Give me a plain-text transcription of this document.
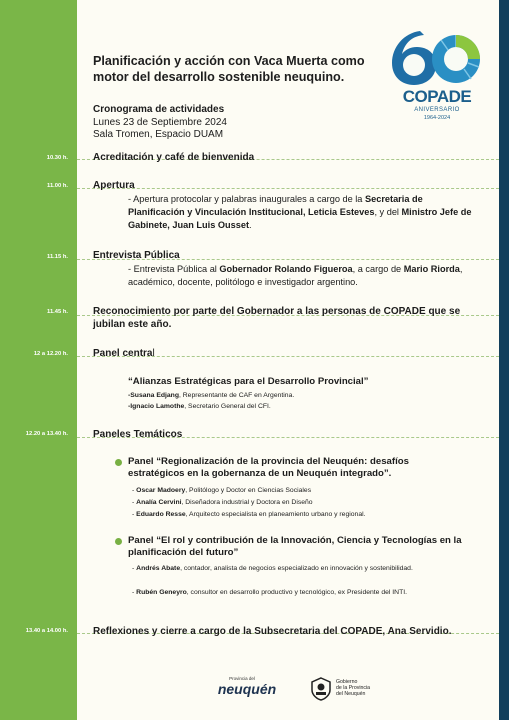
Planificación y acción con Vaca Muerta como motor del desarrollo sostenible neuquino.
COPADE
ANIVERSARIO
1964-2024
Cronograma de actividades
Lunes 23 de Septiembre 2024
Sala Tromen, Espacio DUAM
10.30 h.	Acreditación y café de bienvenida
11.00 h.	Apertura
- Apertura protocolar y palabras inaugurales a cargo de la Secretaria de Planificación y Vinculación Institucional, Leticia Esteves, y del Ministro Jefe de Gabinete, Juan Luis Ousset.
11.15 h.	Entrevista Pública
- Entrevista Pública al Gobernador Rolando Figueroa, a cargo de Mario Riorda, académico, docente, politólogo e investigador argentino.
11.45 h.	Reconocimiento por parte del Gobernador a las personas de COPADE que se jubilan este año.
12 a 12.20 h.	Panel central
“Alianzas Estratégicas para el Desarrollo Provincial”
-Susana Edjang, Representante de CAF en Argentina.
-Ignacio Lamothe, Secretario General del CFI.
12.20 a 13.40 h.	Paneles Temáticos
Panel “Regionalización de la provincia del Neuquén: desafíos estratégicos en la gobernanza de un Neuquén integrado”.
- Oscar Madoery, Politólogo y Doctor en Ciencias Sociales
- Analía Cervini, Diseñadora industrial y Doctora en Diseño
- Eduardo Resse, Arquitecto especialista en planeamiento urbano y regional.
Panel “El rol y contribución de la Innovación, Ciencia y Tecnologías en la planificación del futuro”
- Andrés Abate, contador, analista de negocios especializado en innovación y sostenibilidad.
- Rubén Geneyro, consultor en desarrollo productivo y tecnológico, ex Presidente del INTI.
13.40 a 14.00 h.	Reflexiones y cierre a cargo de la Subsecretaria del COPADE, Ana Servidio.
Provincia del
neuquén	Gobierno
de la Provincia
del Neuquén
